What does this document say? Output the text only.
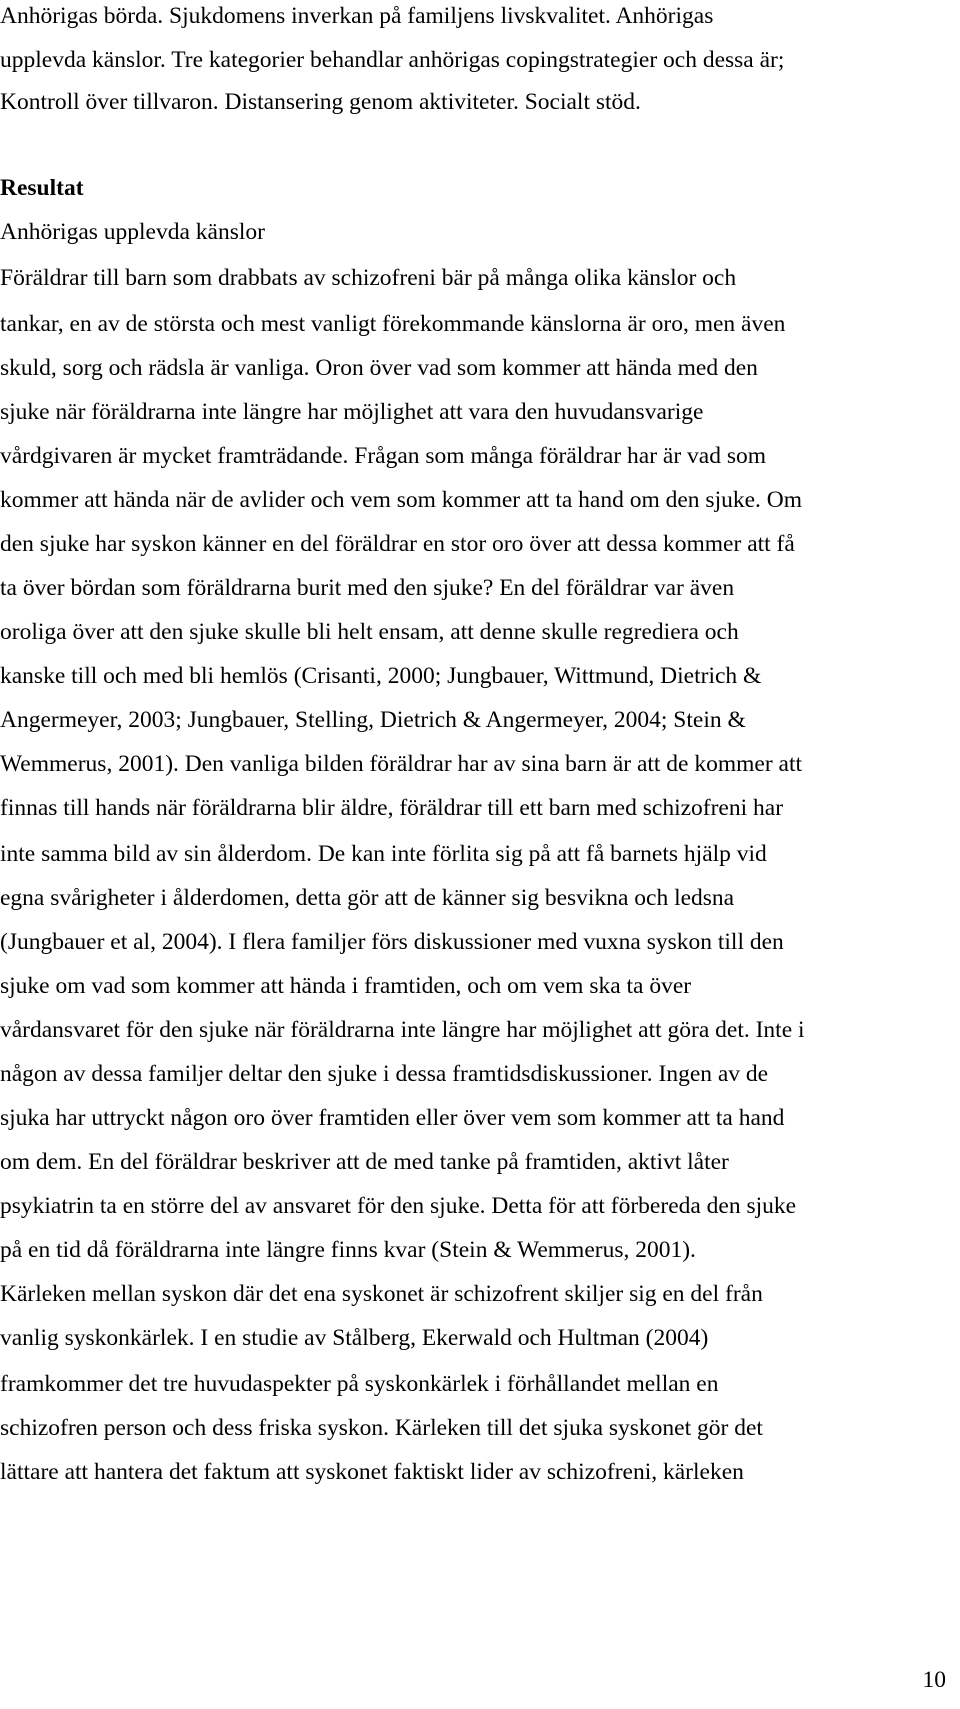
Anhörigas börda. Sjukdomens inverkan på familjens livskvalitet. Anhörigas
upplevda känslor. Tre kategorier behandlar anhörigas copingstrategier och dessa är;
Kontroll över tillvaron. Distansering genom aktiviteter. Socialt stöd.
Resultat
Anhörigas upplevda känslor
Föräldrar till barn som drabbats av schizofreni bär på många olika känslor och
tankar, en av de största och mest vanligt förekommande känslorna är oro, men även
skuld, sorg och rädsla är vanliga. Oron över vad som kommer att hända med den
sjuke när föräldrarna inte längre har möjlighet att vara den huvudansvarige
vårdgivaren är mycket framträdande. Frågan som många föräldrar har är vad som
kommer att hända när de avlider och vem som kommer att ta hand om den sjuke. Om
den sjuke har syskon känner en del föräldrar en stor oro över att dessa kommer att få
ta över bördan som föräldrarna burit med den sjuke? En del föräldrar var även
oroliga över att den sjuke skulle bli helt ensam, att denne skulle regrediera och
kanske till och med bli hemlös (Crisanti, 2000; Jungbauer, Wittmund, Dietrich &
Angermeyer, 2003; Jungbauer, Stelling, Dietrich & Angermeyer, 2004; Stein &
Wemmerus, 2001). Den vanliga bilden föräldrar har av sina barn är att de kommer att
finnas till hands när föräldrarna blir äldre, föräldrar till ett barn med schizofreni har
inte samma bild av sin ålderdom. De kan inte förlita sig på att få barnets hjälp vid
egna svårigheter i ålderdomen, detta gör att de känner sig besvikna och ledsna
(Jungbauer et al, 2004). I flera familjer förs diskussioner med vuxna syskon till den
sjuke om vad som kommer att hända i framtiden, och om vem ska ta över
vårdansvaret för den sjuke när föräldrarna inte längre har möjlighet att göra det. Inte i
någon av dessa familjer deltar den sjuke i dessa framtidsdiskussioner. Ingen av de
sjuka har uttryckt någon oro över framtiden eller över vem som kommer att ta hand
om dem. En del föräldrar beskriver att de med tanke på framtiden, aktivt låter
psykiatrin ta en större del av ansvaret för den sjuke. Detta för att förbereda den sjuke
på en tid då föräldrarna inte längre finns kvar (Stein & Wemmerus, 2001).
Kärleken mellan syskon där det ena syskonet är schizofrent skiljer sig en del från
vanlig syskonkärlek. I en studie av Stålberg, Ekerwald och Hultman (2004)
framkommer det tre huvudaspekter på syskonkärlek i förhållandet mellan en
schizofren person och dess friska syskon. Kärleken till det sjuka syskonet gör det
lättare att hantera det faktum att syskonet faktiskt lider av schizofreni, kärleken
10
